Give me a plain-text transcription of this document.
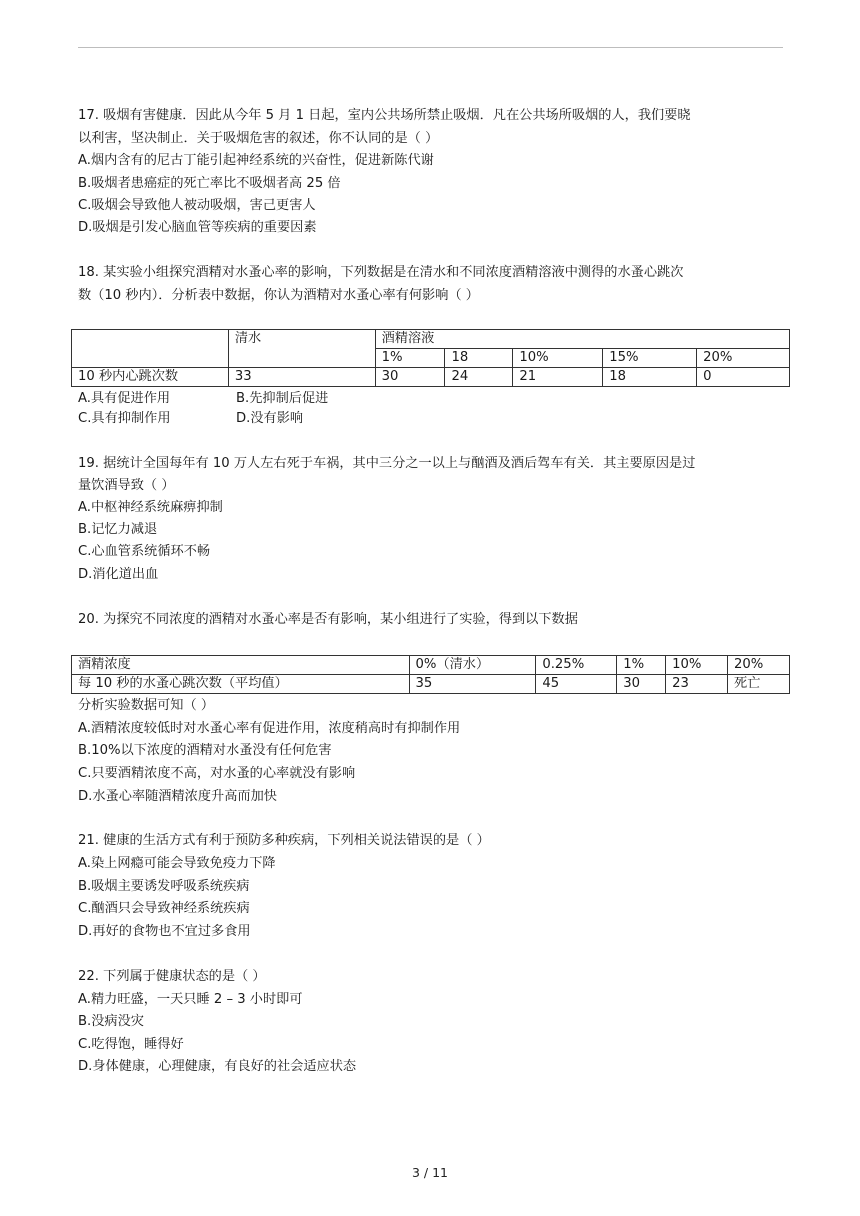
17. 吸烟有害健康．因此从今年 5 月 1 日起，室内公共场所禁止吸烟．凡在公共场所吸烟的人，我们要晓
以利害，坚决制止．关于吸烟危害的叙述，你不认同的是（ ）
A.烟内含有的尼古丁能引起神经系统的兴奋性，促进新陈代谢
B.吸烟者患癌症的死亡率比不吸烟者高 25 倍
C.吸烟会导致他人被动吸烟，害己更害人
D.吸烟是引发心脑血管等疾病的重要因素
18. 某实验小组探究酒精对水蚤心率的影响，下列数据是在清水和不同浓度酒精溶液中测得的水蚤心跳次
数（10 秒内）．分析表中数据，你认为酒精对水蚤心率有何影响（ ）
	清水	酒精溶液				
		1%	18	10%	15%	20%
10 秒内心跳次数	33	30	24	21	18	0
A.具有促进作用	B.先抑制后促进
C.具有抑制作用	D.没有影响
19. 据统计全国每年有 10 万人左右死于车祸，其中三分之一以上与酗酒及酒后驾车有关．其主要原因是过
量饮酒导致（ ）
A.中枢神经系统麻痹抑制
B.记忆力减退
C.心血管系统循环不畅
D.消化道出血
20. 为探究不同浓度的酒精对水蚤心率是否有影响，某小组进行了实验，得到以下数据
酒精浓度	0%（清水）	0.25%	1%	10%	20%
每 10 秒的水蚤心跳次数（平均值）	35	45	30	23	死亡
分析实验数据可知（ ）
A.酒精浓度较低时对水蚤心率有促进作用，浓度稍高时有抑制作用
B.10%以下浓度的酒精对水蚤没有任何危害
C.只要酒精浓度不高，对水蚤的心率就没有影响
D.水蚤心率随酒精浓度升高而加快
21. 健康的生活方式有利于预防多种疾病，下列相关说法错误的是（ ）
A.染上网瘾可能会导致免疫力下降
B.吸烟主要诱发呼吸系统疾病
C.酗酒只会导致神经系统疾病
D.再好的食物也不宜过多食用
22. 下列属于健康状态的是（ ）
A.精力旺盛，一天只睡 2 – 3 小时即可
B.没病没灾
C.吃得饱，睡得好
D.身体健康，心理健康，有良好的社会适应状态
3 / 11
